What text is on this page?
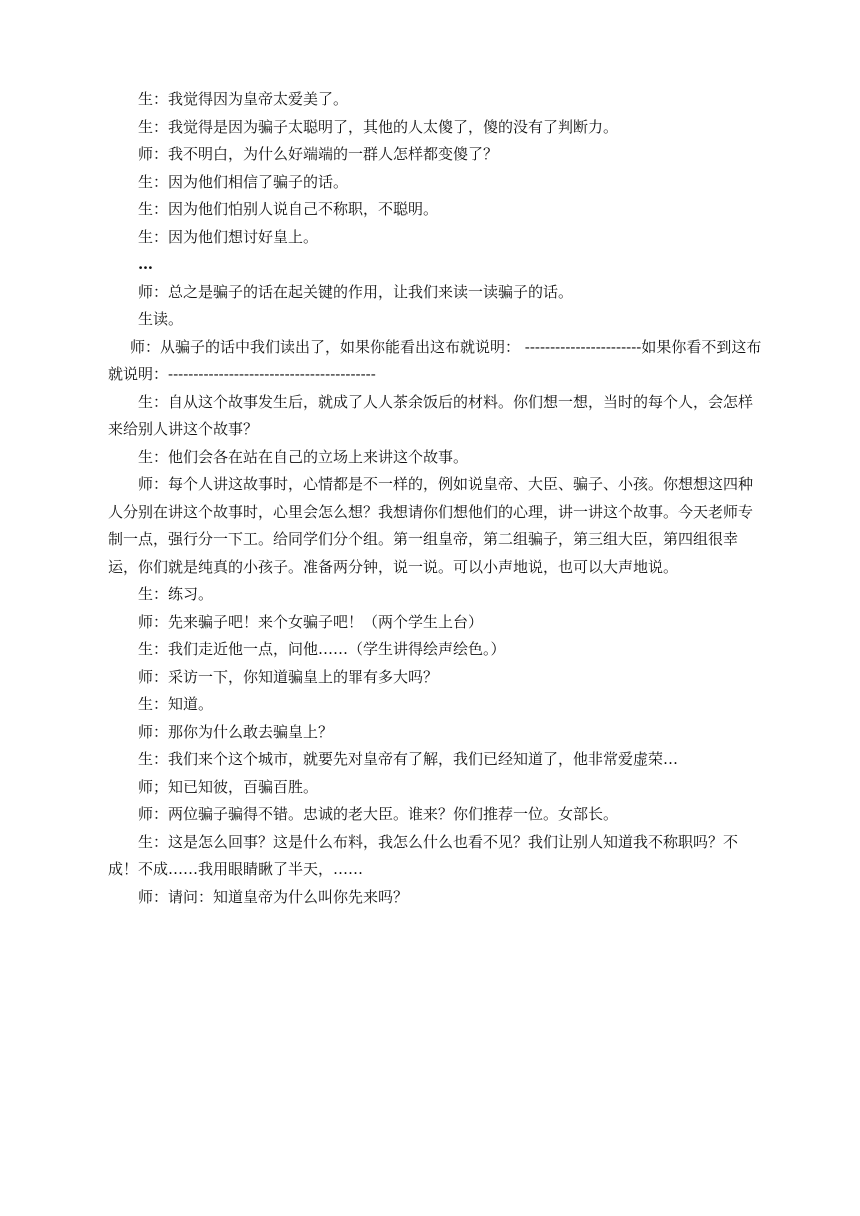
生：我觉得因为皇帝太爱美了。

生：我觉得是因为骗子太聪明了，其他的人太傻了，傻的没有了判断力。

师：我不明白，为什么好端端的一群人怎样都变傻了？

生：因为他们相信了骗子的话。

生：因为他们怕别人说自己不称职，不聪明。

生：因为他们想讨好皇上。

…

师：总之是骗子的话在起关键的作用，让我们来读一读骗子的话。

生读。

师：从骗子的话中我们读出了，如果你能看出这布就说明： -----------------------如果你看不到这布就说明：-----------------------------------------

生：自从这个故事发生后，就成了人人茶余饭后的材料。你们想一想，当时的每个人，会怎样来给别人讲这个故事？

生：他们会各在站在自己的立场上来讲这个故事。

师：每个人讲这故事时，心情都是不一样的，例如说皇帝、大臣、骗子、小孩。你想想这四种人分别在讲这个故事时，心里会怎么想？我想请你们想他们的心理，讲一讲这个故事。今天老师专制一点，强行分一下工。给同学们分个组。第一组皇帝，第二组骗子，第三组大臣，第四组很幸运，你们就是纯真的小孩子。准备两分钟，说一说。可以小声地说，也可以大声地说。

生：练习。

师：先来骗子吧！来个女骗子吧！（两个学生上台）

生：我们走近他一点，问他……（学生讲得绘声绘色。）

师：采访一下，你知道骗皇上的罪有多大吗？

生：知道。

师：那你为什么敢去骗皇上？

生：我们来个这个城市，就要先对皇帝有了解，我们已经知道了，他非常爱虚荣…

师；知已知彼，百骗百胜。

师：两位骗子骗得不错。忠诚的老大臣。谁来？你们推荐一位。女部长。

生：这是怎么回事？这是什么布料，我怎么什么也看不见？我们让别人知道我不称职吗？不成！不成……我用眼睛瞅了半天，……

师：请问：知道皇帝为什么叫你先来吗？
